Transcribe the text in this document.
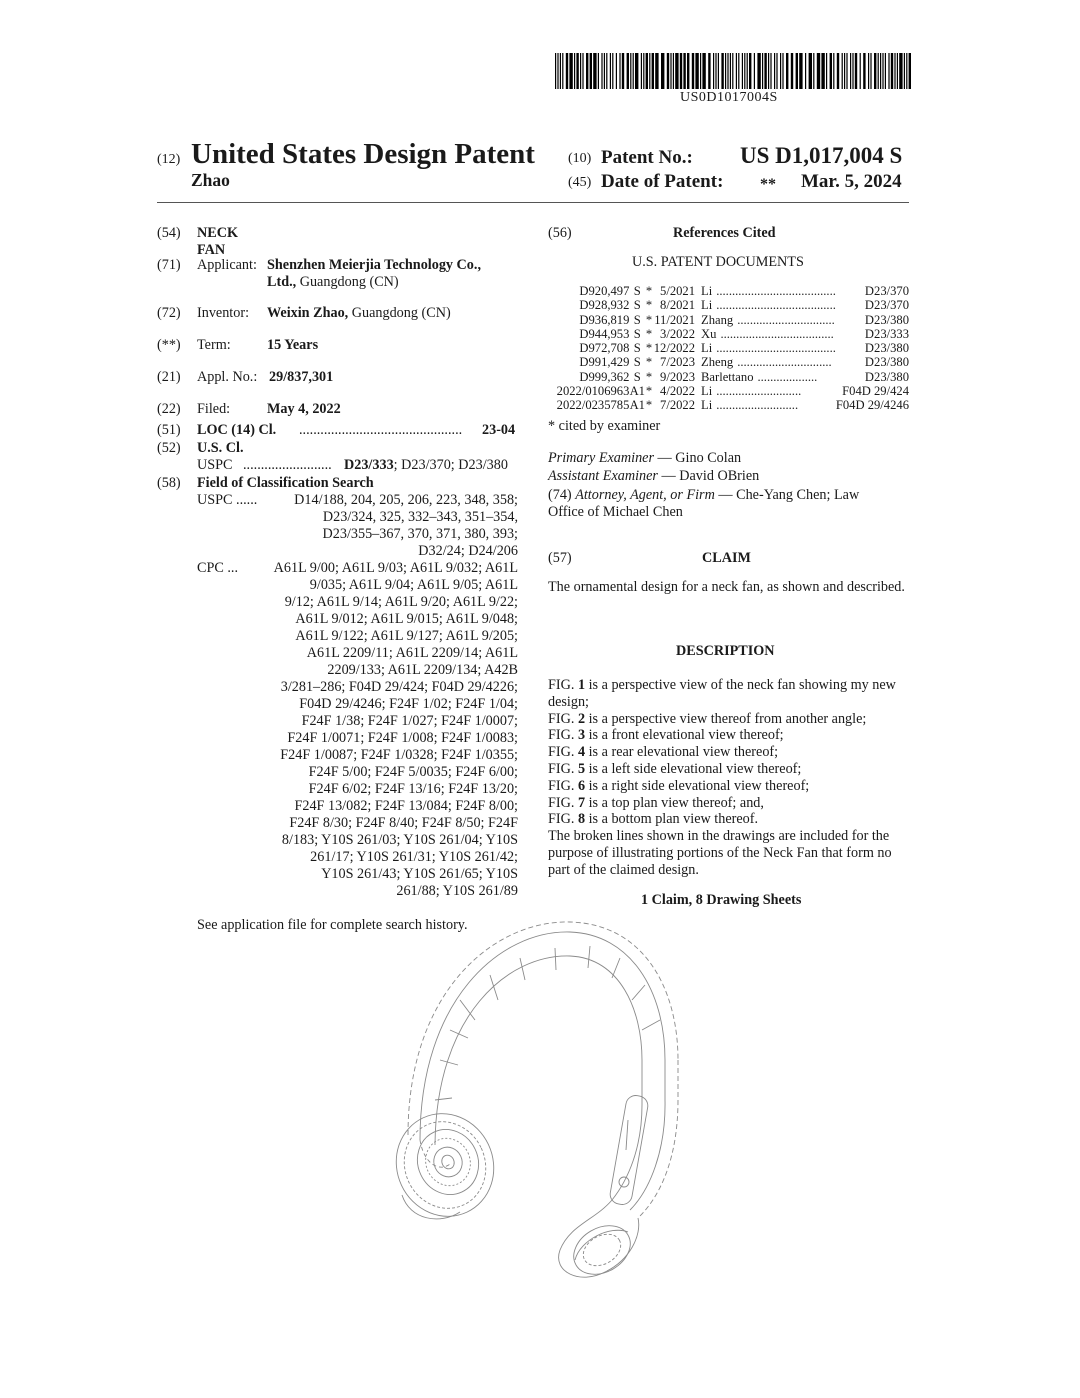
US0D1017004S
(12) United States Design Patent
Zhao
(10) Patent No.: US D1,017,004 S
(45) Date of Patent: ** Mar. 5, 2024
(54) NECK FAN
(71) Applicant: Shenzhen Meierjia Technology Co.,
Ltd., Guangdong (CN)
(72) Inventor: Weixin Zhao, Guangdong (CN)
(**) Term:	15 Years
(21) Appl. No.: 29/837,301
(22) Filed:	May 4, 2022
(51) LOC (14) Cl. ..............................................	23-04
(52) U.S. Cl.
USPC ......................... D23/333; D23/370; D23/380
(58) Field of Classification Search
USPC ......	D14/188, 204, 205, 206, 223, 348, 358;
D23/324, 325, 332–343, 351–354,
D23/355–367, 370, 371, 380, 393;
D32/24; D24/206
CPC ...	A61L 9/00; A61L 9/03; A61L 9/032; A61L
9/035; A61L 9/04; A61L 9/05; A61L
9/12; A61L 9/14; A61L 9/20; A61L 9/22;
A61L 9/012; A61L 9/015; A61L 9/048;
A61L 9/122; A61L 9/127; A61L 9/205;
A61L 2209/11; A61L 2209/14; A61L
2209/133; A61L 2209/134; A42B
3/281–286; F04D 29/424; F04D 29/4226;
F04D 29/4246; F24F 1/02; F24F 1/04;
F24F 1/38; F24F 1/027; F24F 1/0007;
F24F 1/0071; F24F 1/008; F24F 1/0083;
F24F 1/0087; F24F 1/0328; F24F 1/0355;
F24F 5/00; F24F 5/0035; F24F 6/00;
F24F 6/02; F24F 13/16; F24F 13/20;
F24F 13/082; F24F 13/084; F24F 8/00;
F24F 8/30; F24F 8/40; F24F 8/50; F24F
8/183; Y10S 261/03; Y10S 261/04; Y10S
261/17; Y10S 261/31; Y10S 261/42;
Y10S 261/43; Y10S 261/65; Y10S
261/88; Y10S 261/89
See application file for complete search history.
(56)	References Cited
U.S. PATENT DOCUMENTS
D920,497	S	*	5/2021	Li ......................................	D23/370
D928,932	S	*	8/2021	Li ......................................	D23/370
D936,819	S	*	11/2021	Zhang ...............................	D23/380
D944,953	S	*	3/2022	Xu ....................................	D23/333
D972,708	S	*	12/2022	Li ......................................	D23/380
D991,429	S	*	7/2023	Zheng ..............................	D23/380
D999,362	S	*	9/2023	Barlettano ...................	D23/380
2022/0106963	A1	*	4/2022	Li ...........................	F04D 29/424
2022/0235785	A1	*	7/2022	Li ..........................	F04D 29/4246
* cited by examiner
Primary Examiner — Gino Colan
Assistant Examiner — David OBrien
(74) Attorney, Agent, or Firm — Che-Yang Chen; Law
Office of Michael Chen
(57)	CLAIM
The ornamental design for a neck fan, as shown and described.
DESCRIPTION
FIG. 1 is a perspective view of the neck fan showing my new
design;
FIG. 2 is a perspective view thereof from another angle;
FIG. 3 is a front elevational view thereof;
FIG. 4 is a rear elevational view thereof;
FIG. 5 is a left side elevational view thereof;
FIG. 6 is a right side elevational view thereof;
FIG. 7 is a top plan view thereof; and,
FIG. 8 is a bottom plan view thereof.
The broken lines shown in the drawings are included for the
purpose of illustrating portions of the Neck Fan that form no
part of the claimed design.
1 Claim, 8 Drawing Sheets
